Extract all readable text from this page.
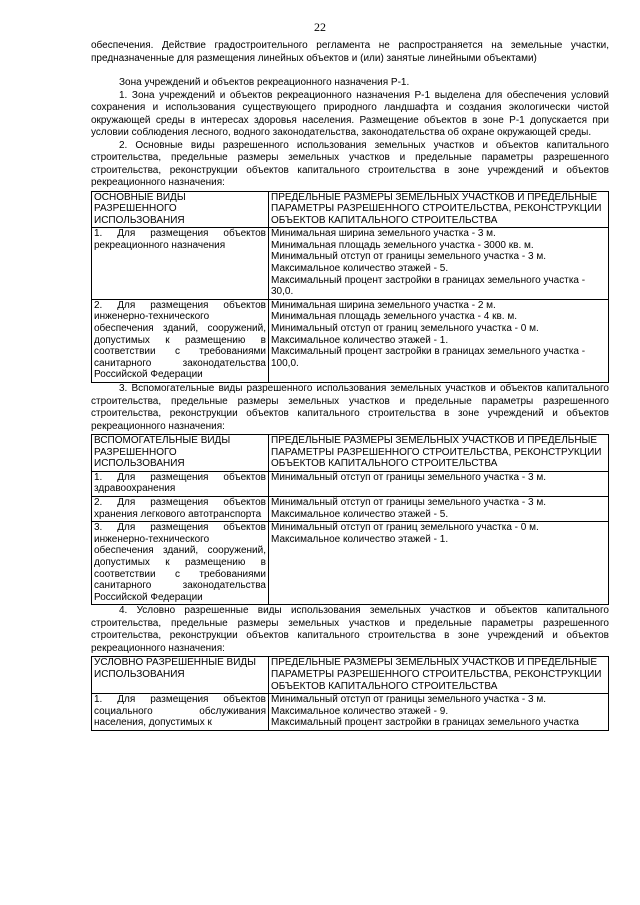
22

обеспечения. Действие градостроительного регламента не распространяется на земельные участки, предназначенные для размещения линейных объектов и (или) занятые линейными объектами)

Зона учреждений и объектов рекреационного назначения Р-1.

1. Зона учреждений и объектов рекреационного назначения Р-1 выделена для обеспечения условий сохранения и использования существующего природного ландшафта и создания экологически чистой окружающей среды в интересах здоровья населения. Размещение объектов в зоне Р-1 допускается при условии соблюдения лесного, водного законодательства, законодательства об охране окружающей среды.

2. Основные виды разрешенного использования земельных участков и объектов капитального строительства, предельные размеры земельных участков и предельные параметры разрешенного строительства, реконструкции объектов капитального строительства в зоне учреждений и объектов рекреационного назначения:

ОСНОВНЫЕ ВИДЫ РАЗРЕШЕННОГО ИСПОЛЬЗОВАНИЯ	ПРЕДЕЛЬНЫЕ РАЗМЕРЫ ЗЕМЕЛЬНЫХ УЧАСТКОВ И ПРЕДЕЛЬНЫЕ ПАРАМЕТРЫ РАЗРЕШЕННОГО СТРОИТЕЛЬСТВА, РЕКОНСТРУКЦИИ ОБЪЕКТОВ КАПИТАЛЬНОГО СТРОИТЕЛЬСТВА

1. Для размещения объектов рекреационного назначения	Минимальная ширина земельного участка - 3 м.
Минимальная площадь земельного участка - 3000 кв. м.
Минимальный отступ от границы земельного участка - 3 м.
Максимальное количество этажей - 5.
Максимальный процент застройки в границах земельного участка - 30,0.

2. Для размещения объектов инженерно-технического обеспечения зданий, сооружений, допустимых к размещению в соответствии с требованиями санитарного законодательства Российской Федерации	Минимальная ширина земельного участка - 2 м.
Минимальная площадь земельного участка - 4 кв. м.
Минимальный отступ от границ земельного участка - 0 м.
Максимальное количество этажей - 1.
Максимальный процент застройки в границах земельного участка - 100,0.

3. Вспомогательные виды разрешенного использования земельных участков и объектов капитального строительства, предельные размеры земельных участков и предельные параметры разрешенного строительства, реконструкции объектов капитального строительства в зоне учреждений и объектов рекреационного назначения:

ВСПОМОГАТЕЛЬНЫЕ ВИДЫ РАЗРЕШЕННОГО ИСПОЛЬЗОВАНИЯ	ПРЕДЕЛЬНЫЕ РАЗМЕРЫ ЗЕМЕЛЬНЫХ УЧАСТКОВ И ПРЕДЕЛЬНЫЕ ПАРАМЕТРЫ РАЗРЕШЕННОГО СТРОИТЕЛЬСТВА, РЕКОНСТРУКЦИИ ОБЪЕКТОВ КАПИТАЛЬНОГО СТРОИТЕЛЬСТВА

1. Для размещения объектов здравоохранения	Минимальный отступ от границы земельного участка - 3 м.

2. Для размещения объектов хранения легкового автотранспорта	Минимальный отступ от границы земельного участка - 3 м.
Максимальное количество этажей - 5.

3. Для размещения объектов инженерно-технического обеспечения зданий, сооружений, допустимых к размещению в соответствии с требованиями санитарного законодательства Российской Федерации	Минимальный отступ от границ земельного участка - 0 м.
Максимальное количество этажей - 1.

4. Условно разрешенные виды использования земельных участков и объектов капитального строительства, предельные размеры земельных участков и предельные параметры разрешенного строительства, реконструкции объектов капитального строительства в зоне учреждений и объектов рекреационного назначения:

УСЛОВНО РАЗРЕШЕННЫЕ ВИДЫ ИСПОЛЬЗОВАНИЯ	ПРЕДЕЛЬНЫЕ РАЗМЕРЫ ЗЕМЕЛЬНЫХ УЧАСТКОВ И ПРЕДЕЛЬНЫЕ ПАРАМЕТРЫ РАЗРЕШЕННОГО СТРОИТЕЛЬСТВА, РЕКОНСТРУКЦИИ ОБЪЕКТОВ КАПИТАЛЬНОГО СТРОИТЕЛЬСТВА

1. Для размещения объектов социального обслуживания населения, допустимых к	Минимальный отступ от границы земельного участка - 3 м.
Максимальное количество этажей - 9.
Максимальный процент застройки в границах земельного участка
